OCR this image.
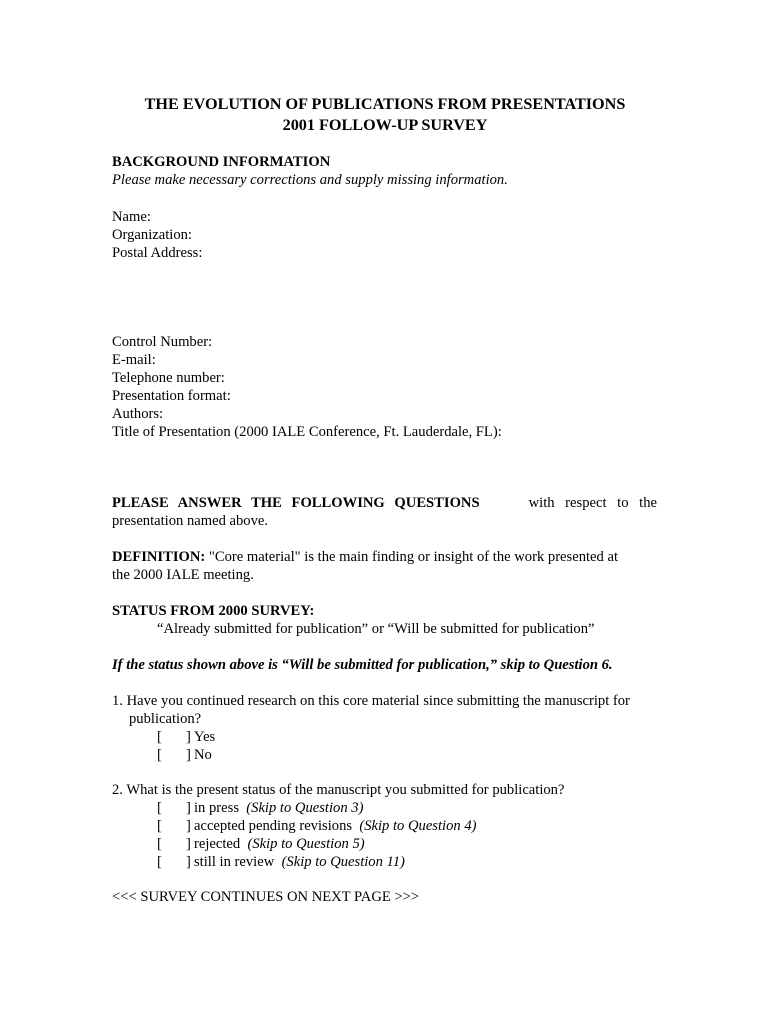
THE EVOLUTION OF PUBLICATIONS FROM PRESENTATIONS
2001 FOLLOW-UP SURVEY
BACKGROUND INFORMATION
Please make necessary corrections and supply missing information.
Name:
Organization:
Postal Address:
Control Number:
E-mail:
Telephone number:
Presentation format:
Authors:
Title of Presentation (2000 IALE Conference, Ft. Lauderdale, FL):
PLEASE ANSWER THE FOLLOWING QUESTIONS	with respect to the
presentation named above.
DEFINITION: "Core material" is the main finding or insight of the work presented at
the 2000 IALE meeting.
STATUS FROM 2000 SURVEY:
“Already submitted for publication” or “Will be submitted for publication”
If the status shown above is “Will be submitted for publication,” skip to Question 6.
1. Have you continued research on this core material since submitting the manuscript for
publication?

[

]

Yes

[

]

No

2. What is the present status of the manuscript you submitted for publication?

[

]

in press (Skip to Question 3)

[

]

accepted pending revisions (Skip to Question 4)

[

]

rejected (Skip to Question 5)

[

]

still in review (Skip to Question 11)

<<< SURVEY CONTINUES ON NEXT PAGE >>>
